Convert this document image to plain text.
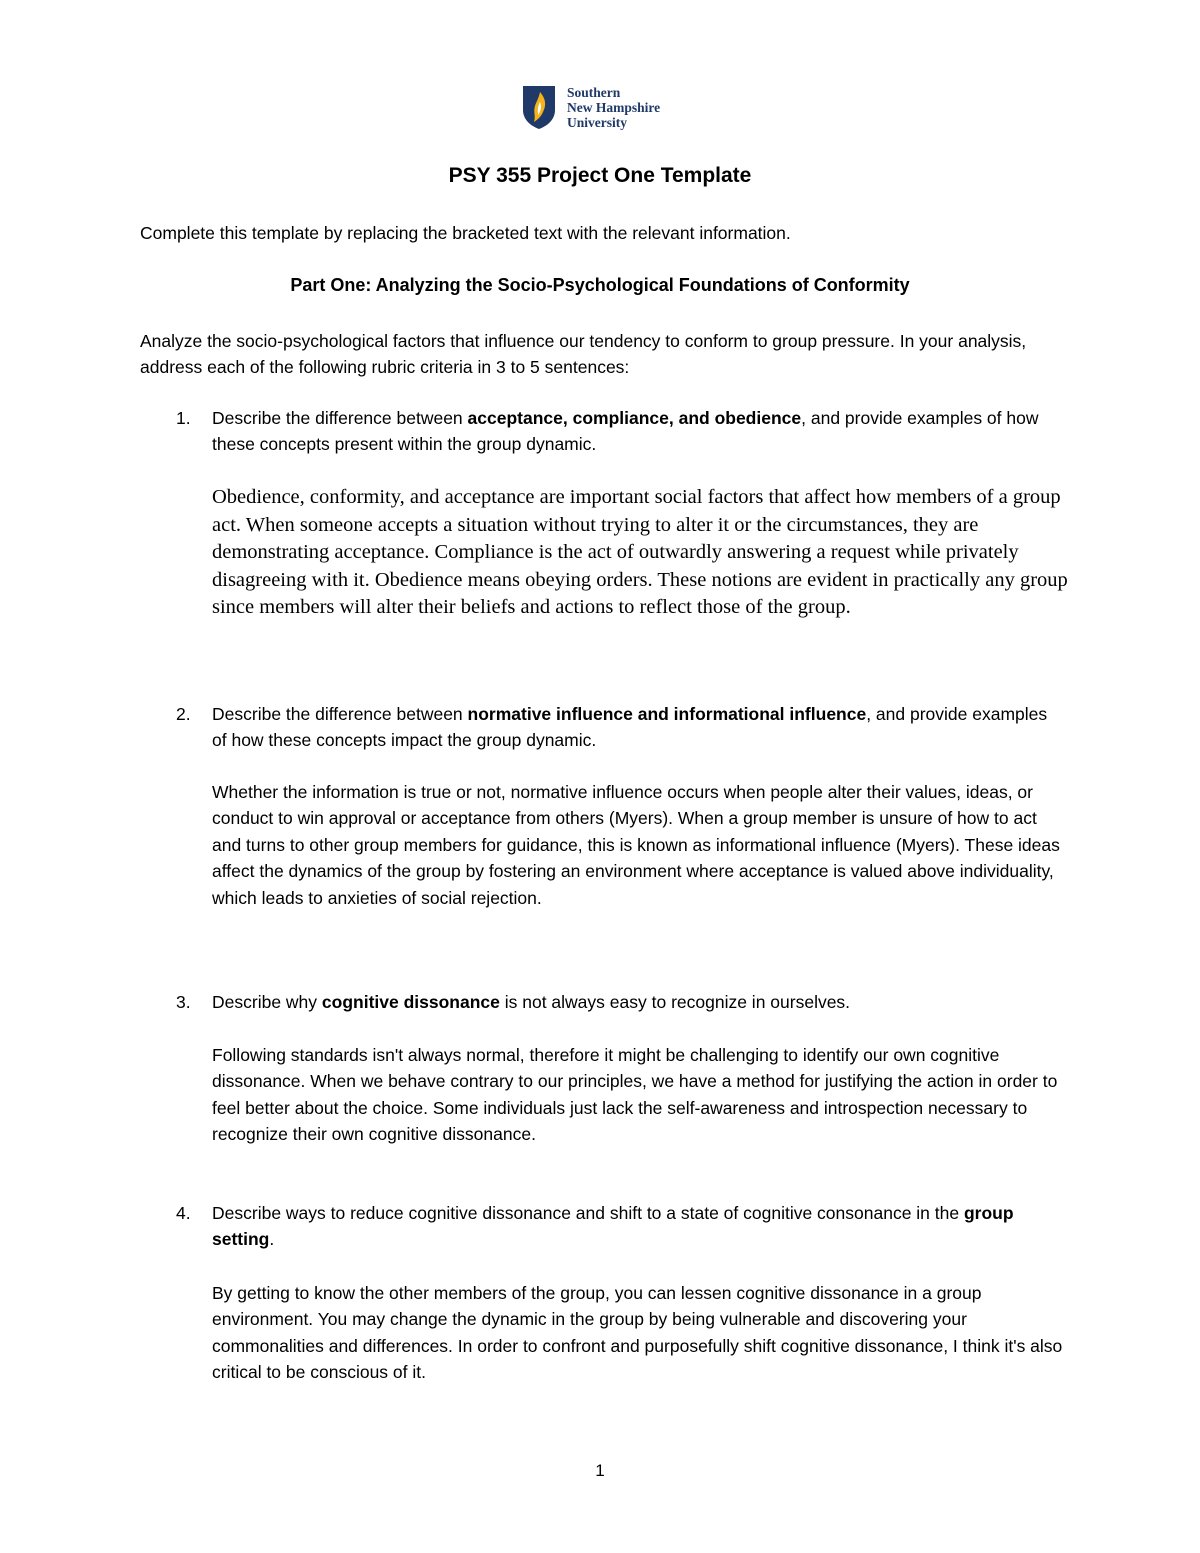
Southern
New Hampshire
University
PSY 355 Project One Template
Complete this template by replacing the bracketed text with the relevant information.
Part One: Analyzing the Socio-Psychological Foundations of Conformity
Analyze the socio-psychological factors that influence our tendency to conform to group pressure. In your analysis, address each of the following rubric criteria in 3 to 5 sentences:
1. Describe the difference between acceptance, compliance, and obedience, and provide examples of how these concepts present within the group dynamic.
Obedience, conformity, and acceptance are important social factors that affect how members of a group act. When someone accepts a situation without trying to alter it or the circumstances, they are demonstrating acceptance. Compliance is the act of outwardly answering a request while privately disagreeing with it. Obedience means obeying orders. These notions are evident in practically any group since members will alter their beliefs and actions to reflect those of the group.
2. Describe the difference between normative influence and informational influence, and provide examples of how these concepts impact the group dynamic.
Whether the information is true or not, normative influence occurs when people alter their values, ideas, or conduct to win approval or acceptance from others (Myers). When a group member is unsure of how to act and turns to other group members for guidance, this is known as informational influence (Myers). These ideas affect the dynamics of the group by fostering an environment where acceptance is valued above individuality, which leads to anxieties of social rejection.
3. Describe why cognitive dissonance is not always easy to recognize in ourselves.
Following standards isn't always normal, therefore it might be challenging to identify our own cognitive dissonance. When we behave contrary to our principles, we have a method for justifying the action in order to feel better about the choice. Some individuals just lack the self-awareness and introspection necessary to recognize their own cognitive dissonance.
4. Describe ways to reduce cognitive dissonance and shift to a state of cognitive consonance in the group setting.
By getting to know the other members of the group, you can lessen cognitive dissonance in a group environment. You may change the dynamic in the group by being vulnerable and discovering your commonalities and differences. In order to confront and purposefully shift cognitive dissonance, I think it's also critical to be conscious of it.
1
